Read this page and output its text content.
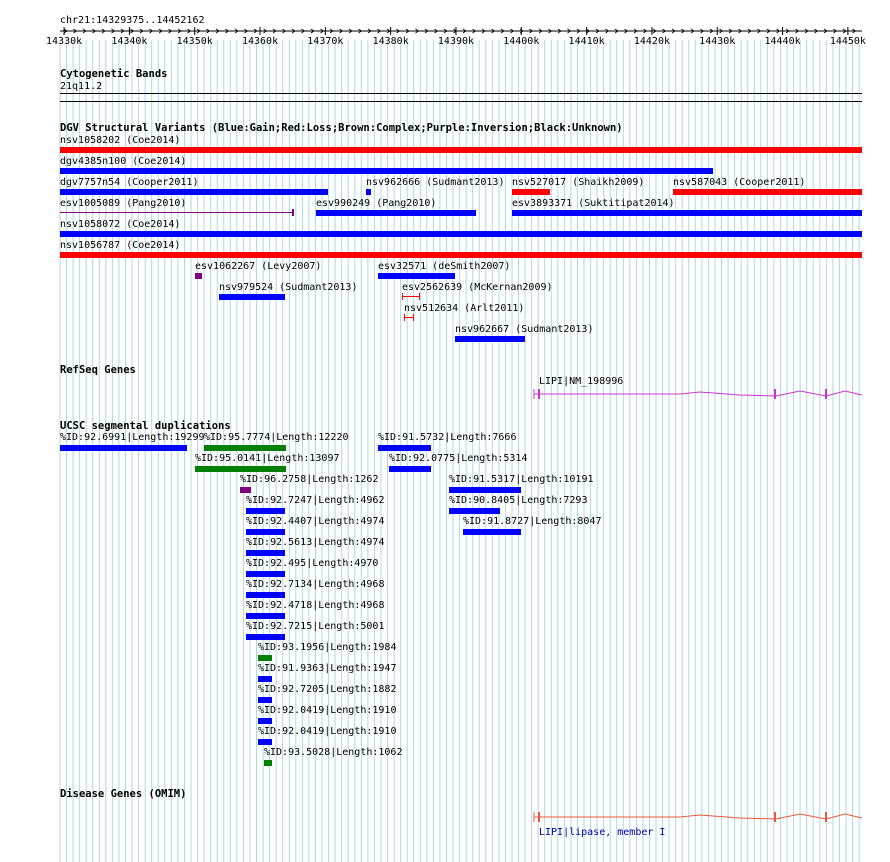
chr21:14329375..14452162
14330k	14340k	14350k	14360k	14370k	14380k	14390k	14400k	14410k	14420k	14430k	14440k	14450k
Cytogenetic Bands
21q11.2
DGV Structural Variants (Blue:Gain;Red:Loss;Brown:Complex;Purple:Inversion;Black:Unknown)
nsv1058202 (Coe2014)
dgv4385n100 (Coe2014)
dgv7757n54 (Cooper2011)	nsv962666 (Sudmant2013) nsv527017 (Shaikh2009)	nsv587043 (Cooper2011)
esv1005089 (Pang2010)	esv990249 (Pang2010)	esv3893371 (Suktitipat2014)
nsv1058072 (Coe2014)
nsv1056787 (Coe2014)
esv1062267 (Levy2007)	esv32571 (deSmith2007)
nsv979524 (Sudmant2013)	esv2562639 (McKernan2009)
nsv512634 (Arlt2011)
nsv962667 (Sudmant2013)
RefSeq Genes
LIPI|NM_198996
UCSC segmental duplications
%ID:92.6991|Length:19299 %ID:95.7774|Length:12220	%ID:91.5732|Length:7666
%ID:95.0141|Length:13097	%ID:92.0775|Length:5314
%ID:96.2758|Length:1262	%ID:91.5317|Length:10191
%ID:92.7247|Length:4962	%ID:90.8405|Length:7293
%ID:92.4407|Length:4974	%ID:91.8727|Length:8047
%ID:92.5613|Length:4974
%ID:92.495|Length:4970
%ID:92.7134|Length:4968
%ID:92.4718|Length:4968
%ID:92.7215|Length:5001
%ID:93.1956|Length:1984
%ID:91.9363|Length:1947
%ID:92.7205|Length:1882
%ID:92.0419|Length:1910
%ID:92.0419|Length:1910
%ID:93.5028|Length:1062
Disease Genes (OMIM)
LIPI|lipase, member I
